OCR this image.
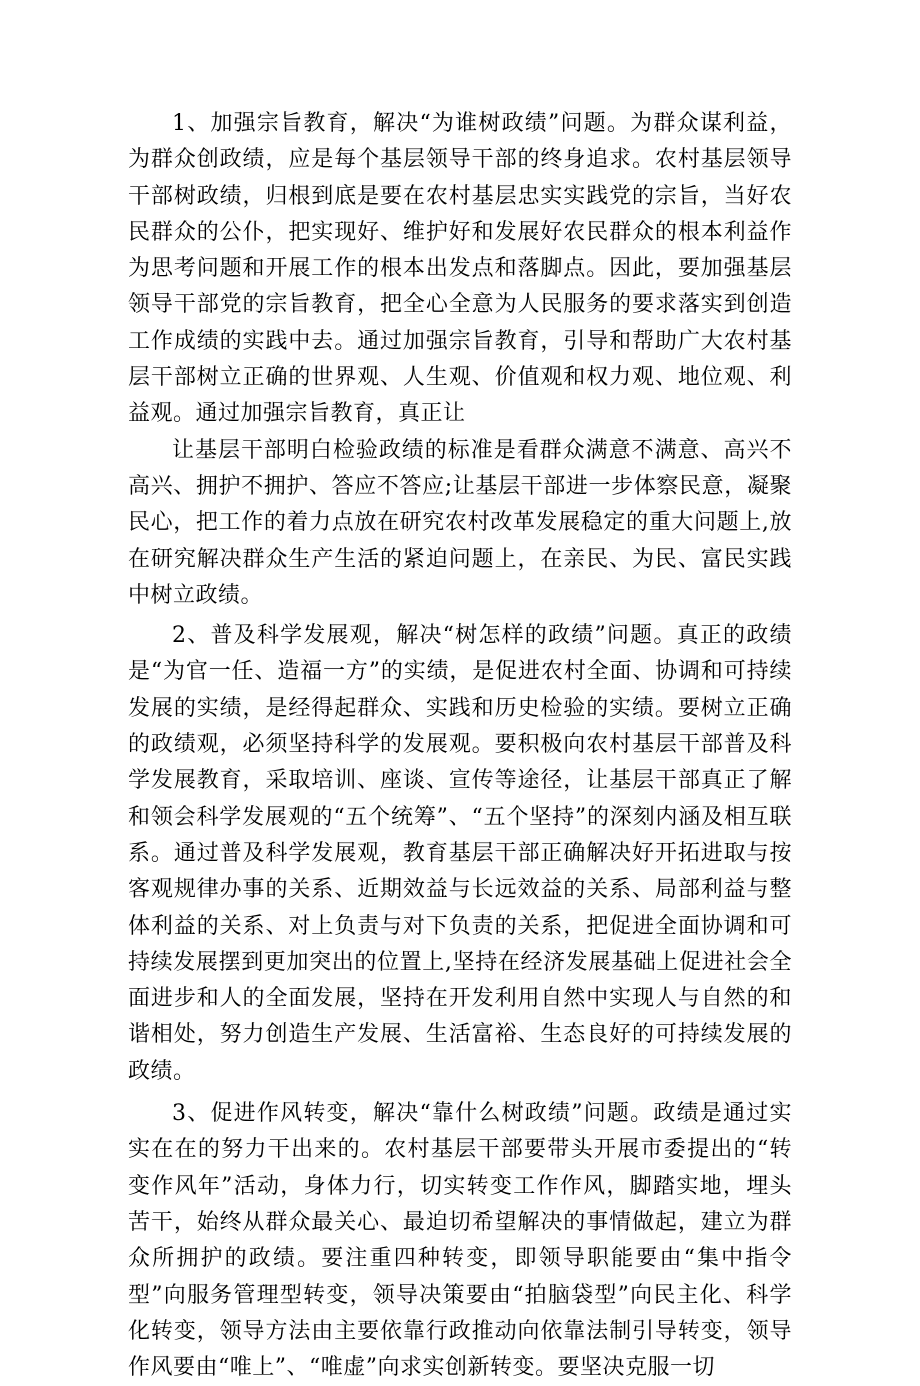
1、加强宗旨教育，解决“为谁树政绩”问题。为群众谋利益，为群众创政绩，应是每个基层领导干部的终身追求。农村基层领导干部树政绩，归根到底是要在农村基层忠实实践党的宗旨，当好农民群众的公仆，把实现好、维护好和发展好农民群众的根本利益作为思考问题和开展工作的根本出发点和落脚点。因此，要加强基层领导干部党的宗旨教育，把全心全意为人民服务的要求落实到创造工作成绩的实践中去。通过加强宗旨教育，引导和帮助广大农村基层干部树立正确的世界观、人生观、价值观和权力观、地位观、利益观。通过加强宗旨教育，真正让

让基层干部明白检验政绩的标准是看群众满意不满意、高兴不高兴、拥护不拥护、答应不答应;让基层干部进一步体察民意，凝聚民心，把工作的着力点放在研究农村改革发展稳定的重大问题上,放在研究解决群众生产生活的紧迫问题上，在亲民、为民、富民实践中树立政绩。

2、普及科学发展观，解决“树怎样的政绩”问题。真正的政绩是“为官一任、造福一方”的实绩，是促进农村全面、协调和可持续发展的实绩，是经得起群众、实践和历史检验的实绩。要树立正确的政绩观，必须坚持科学的发展观。要积极向农村基层干部普及科学发展教育，采取培训、座谈、宣传等途径，让基层干部真正了解和领会科学发展观的“五个统筹”、“五个坚持”的深刻内涵及相互联系。通过普及科学发展观，教育基层干部正确解决好开拓进取与按客观规律办事的关系、近期效益与长远效益的关系、局部利益与整体利益的关系、对上负责与对下负责的关系，把促进全面协调和可持续发展摆到更加突出的位置上,坚持在经济发展基础上促进社会全面进步和人的全面发展，坚持在开发利用自然中实现人与自然的和谐相处，努力创造生产发展、生活富裕、生态良好的可持续发展的政绩。

3、促进作风转变，解决“靠什么树政绩”问题。政绩是通过实实在在的努力干出来的。农村基层干部要带头开展市委提出的“转变作风年”活动，身体力行，切实转变工作作风，脚踏实地，埋头苦干，始终从群众最关心、最迫切希望解决的事情做起，建立为群众所拥护的政绩。要注重四种转变，即领导职能要由“集中指令型”向服务管理型转变，领导决策要由“拍脑袋型”向民主化、科学化转变，领导方法由主要依靠行政推动向依靠法制引导转变，领导作风要由“唯上”、“唯虚”向求实创新转变。要坚决克服一切
